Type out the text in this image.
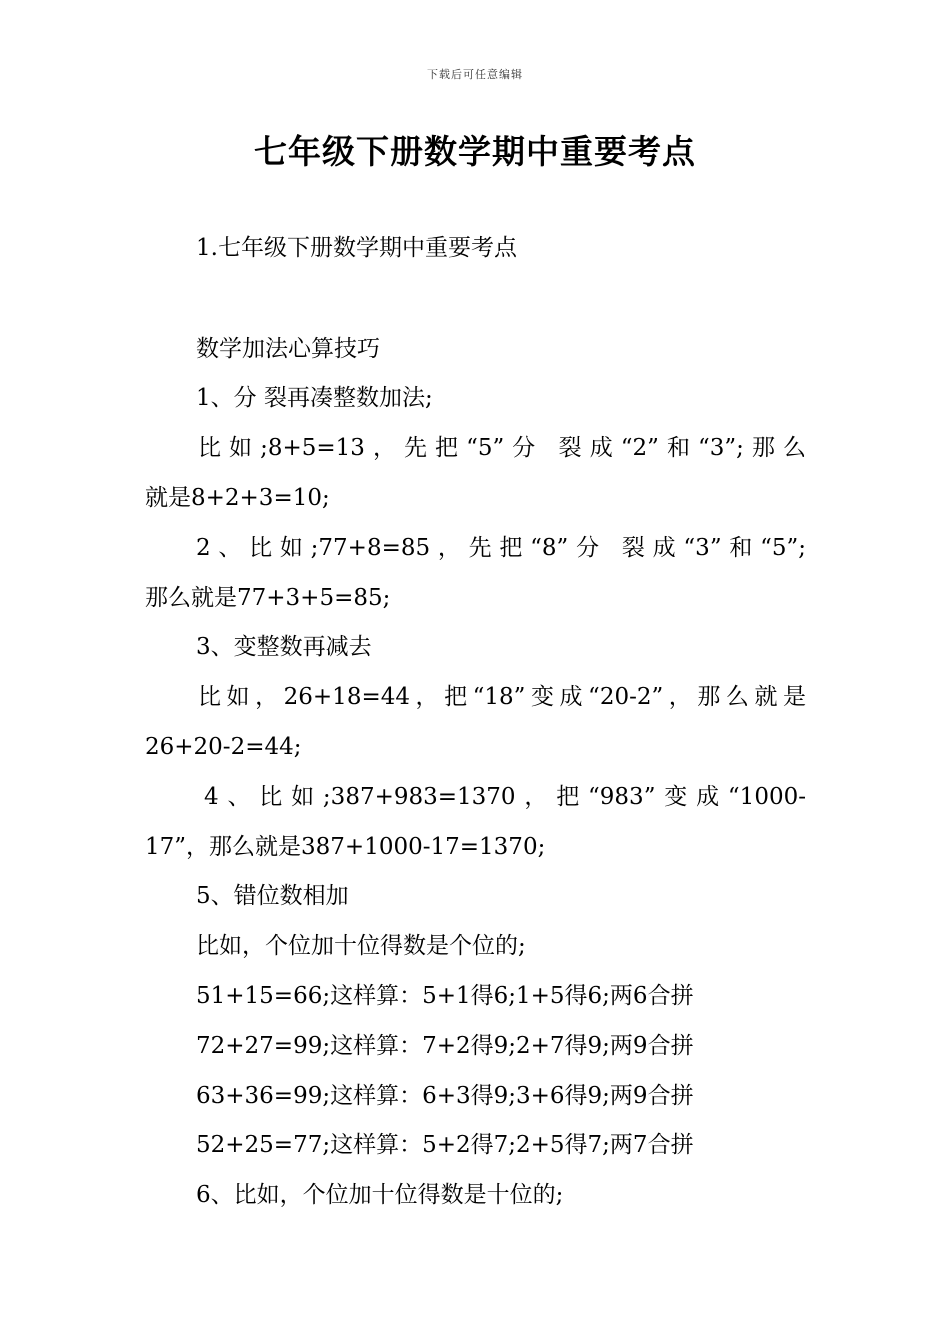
下载后可任意编辑
七年级下册数学期中重要考点
1.七年级下册数学期中重要考点
数学加法心算技巧
1、分 裂再凑整数加法;
比如;8+5=13，先把“5”分 裂成“2”和“3”;那么
就是8+2+3=10;
2、比如;77+8=85，先把“8”分 裂成“3”和“5”;
那么就是77+3+5=85;
3、变整数再减去
比如，26+18=44，把“18”变成“20-2”，那么就是
26+20-2=44;
4、比如;387+983=1370，把“983”变成“1000-
17”，那么就是387+1000-17=1370;
5、错位数相加
比如，个位加十位得数是个位的;
51+15=66;这样算：5+1得6;1+5得6;两6合拼
72+27=99;这样算：7+2得9;2+7得9;两9合拼
63+36=99;这样算：6+3得9;3+6得9;两9合拼
52+25=77;这样算：5+2得7;2+5得7;两7合拼
6、比如，个位加十位得数是十位的;
